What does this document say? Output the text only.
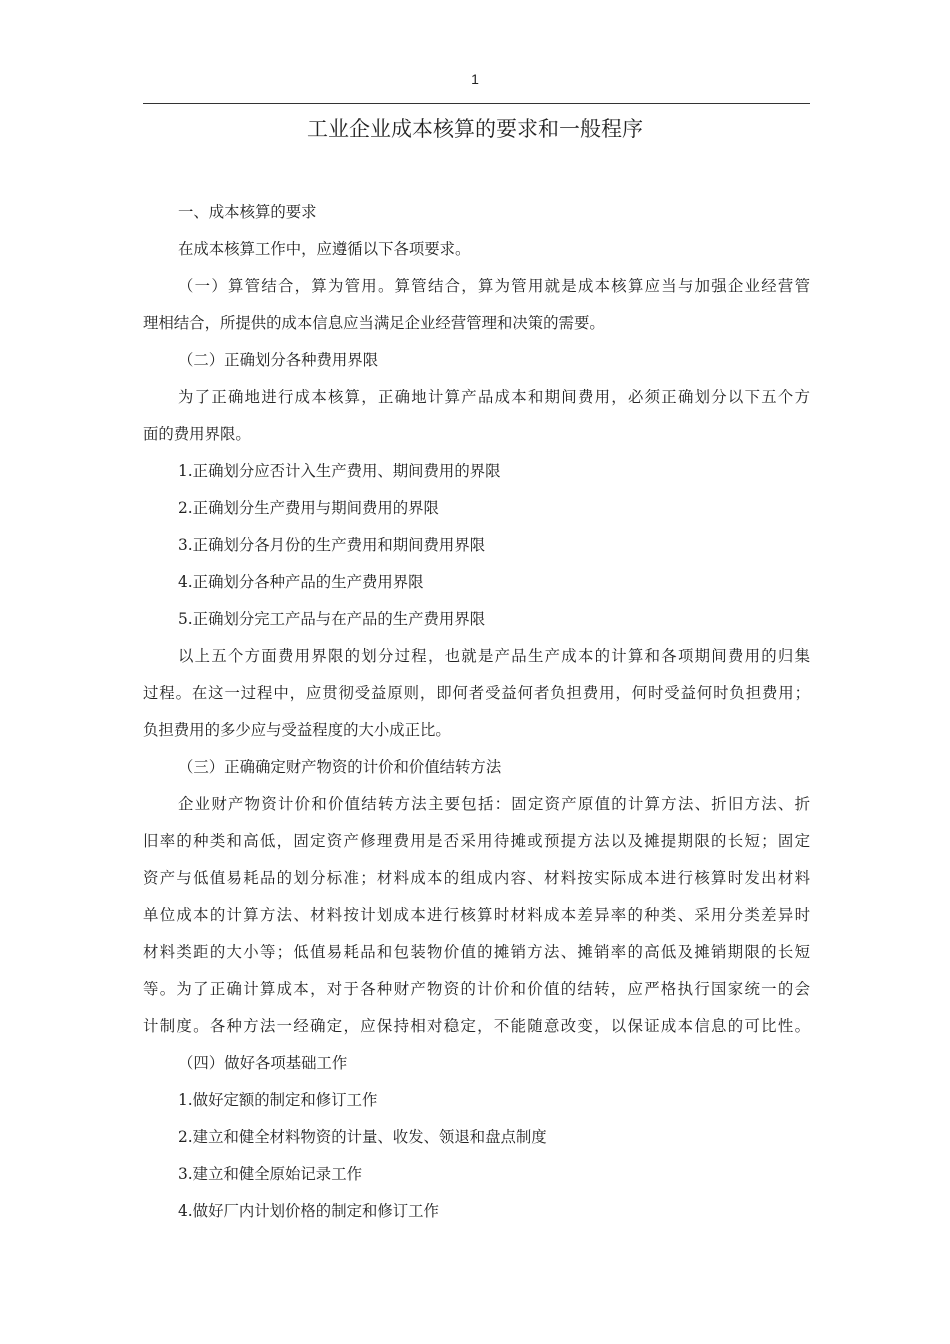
1
工业企业成本核算的要求和一般程序
一、成本核算的要求
在成本核算工作中，应遵循以下各项要求。
（一）算管结合，算为管用。算管结合，算为管用就是成本核算应当与加强企业经营管
理相结合，所提供的成本信息应当满足企业经营管理和决策的需要。
（二）正确划分各种费用界限
为了正确地进行成本核算，正确地计算产品成本和期间费用，必须正确划分以下五个方
面的费用界限。
1.正确划分应否计入生产费用、期间费用的界限
2.正确划分生产费用与期间费用的界限
3.正确划分各月份的生产费用和期间费用界限
4.正确划分各种产品的生产费用界限
5.正确划分完工产品与在产品的生产费用界限
以上五个方面费用界限的划分过程，也就是产品生产成本的计算和各项期间费用的归集
过程。在这一过程中，应贯彻受益原则，即何者受益何者负担费用，何时受益何时负担费用；
负担费用的多少应与受益程度的大小成正比。
（三）正确确定财产物资的计价和价值结转方法
企业财产物资计价和价值结转方法主要包括：固定资产原值的计算方法、折旧方法、折
旧率的种类和高低，固定资产修理费用是否采用待摊或预提方法以及摊提期限的长短；固定
资产与低值易耗品的划分标准；材料成本的组成内容、材料按实际成本进行核算时发出材料
单位成本的计算方法、材料按计划成本进行核算时材料成本差异率的种类、采用分类差异时
材料类距的大小等；低值易耗品和包装物价值的摊销方法、摊销率的高低及摊销期限的长短
等。为了正确计算成本，对于各种财产物资的计价和价值的结转，应严格执行国家统一的会
计制度。各种方法一经确定，应保持相对稳定，不能随意改变，以保证成本信息的可比性。
（四）做好各项基础工作
1.做好定额的制定和修订工作
2.建立和健全材料物资的计量、收发、领退和盘点制度
3.建立和健全原始记录工作
4.做好厂内计划价格的制定和修订工作
